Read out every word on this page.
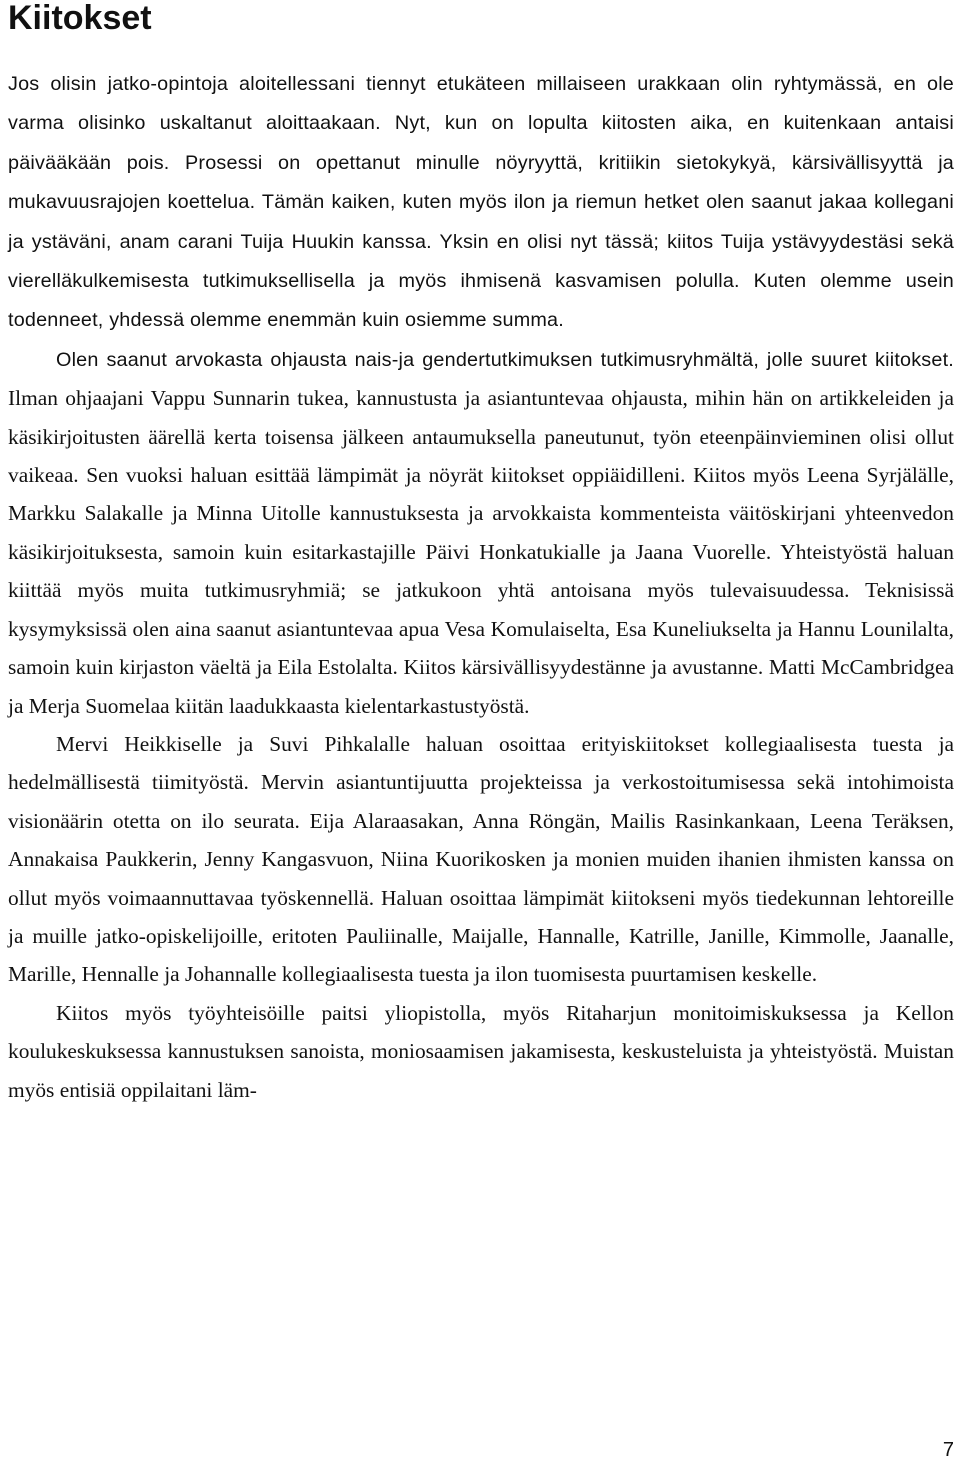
Kiitokset

Jos olisin jatko-opintoja aloitellessani tiennyt etukäteen millaiseen urakkaan olin ryhtymässä, en ole varma olisinko uskaltanut aloittaakaan. Nyt, kun on lopulta kiitosten aika, en kuitenkaan antaisi päivääkään pois. Prosessi on opettanut minulle nöyryyttä, kritiikin sietokykyä, kärsivällisyyttä ja mukavuusrajojen koettelua. Tämän kaiken, kuten myös ilon ja riemun hetket olen saanut jakaa kollegani ja ystäväni, anam carani Tuija Huukin kanssa. Yksin en olisi nyt tässä; kiitos Tuija ystävyydestäsi sekä vierelläkulkemisesta tutkimuksellisella ja myös ihmisenä kasvamisen polulla. Kuten olemme usein todenneet, yhdessä olemme enemmän kuin osiemme summa.

Olen saanut arvokasta ohjausta nais-ja gendertutkimuksen tutkimusryhmältä, jolle suuret kiitokset. Ilman ohjaajani Vappu Sunnarin tukea, kannustusta ja asiantuntevaa ohjausta, mihin hän on artikkeleiden ja käsikirjoitusten äärellä kerta toisensa jälkeen antaumuksella paneutunut, työn eteenpäinvieminen olisi ollut vaikeaa. Sen vuoksi haluan esittää lämpimät ja nöyrät kiitokset oppiäidilleni. Kiitos myös Leena Syrjälälle, Markku Salakalle ja Minna Uitolle kannustuksesta ja arvokkaista kommenteista väitöskirjani yhteenvedon käsikirjoituksesta, samoin kuin esitarkastajille Päivi Honkatukialle ja Jaana Vuorelle. Yhteistyöstä haluan kiittää myös muita tutkimusryhmiä; se jatkukoon yhtä antoisana myös tulevaisuudessa. Teknisissä kysymyksissä olen aina saanut asiantuntevaa apua Vesa Komulaiselta, Esa Kuneliukselta ja Hannu Lounilalta, samoin kuin kirjaston väeltä ja Eila Estolalta. Kiitos kärsivällisyydestänne ja avustanne. Matti McCambridgea ja Merja Suomelaa kiitän laadukkaasta kielentarkastustyöstä.

Mervi Heikkiselle ja Suvi Pihkalalle haluan osoittaa erityiskiitokset kollegiaalisesta tuesta ja hedelmällisestä tiimityöstä. Mervin asiantuntijuutta projekteissa ja verkostoitumisessa sekä intohimoista visionäärin otetta on ilo seurata. Eija Alaraasakan, Anna Röngän, Mailis Rasinkankaan, Leena Teräksen, Annakaisa Paukkerin, Jenny Kangasvuon, Niina Kuorikosken ja monien muiden ihanien ihmisten kanssa on ollut myös voimaannuttavaa työskennellä. Haluan osoittaa lämpimät kiitokseni myös tiedekunnan lehtoreille ja muille jatko-opiskelijoille, eritoten Pauliinalle, Maijalle, Hannalle, Katrille, Janille, Kimmolle, Jaanalle, Marille, Hennalle ja Johannalle kollegiaalisesta tuesta ja ilon tuomisesta puurtamisen keskelle.

Kiitos myös työyhteisöille paitsi yliopistolla, myös Ritaharjun monitoimiskuksessa ja Kellon koulukeskuksessa kannustuksen sanoista, moniosaamisen jakamisesta, keskusteluista ja yhteistyöstä. Muistan myös entisiä oppilaitani läm-

7
